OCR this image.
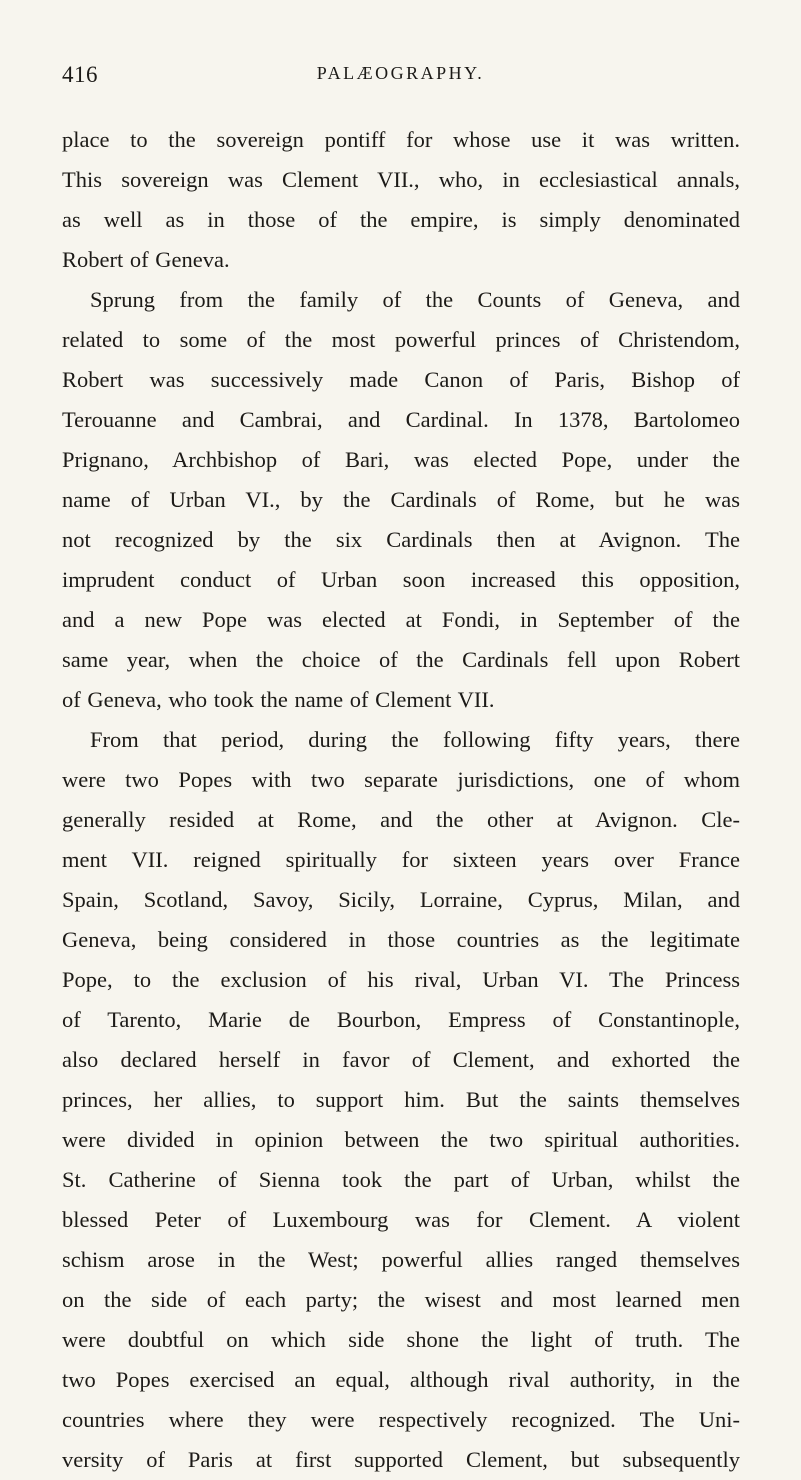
416	PALÆOGRAPHY.
place to the sovereign pontiff for whose use it was written.
This sovereign was Clement VII., who, in ecclesiastical annals,
as well as in those of the empire, is simply denominated
Robert of Geneva.
Sprung from the family of the Counts of Geneva, and
related to some of the most powerful princes of Christendom,
Robert was successively made Canon of Paris, Bishop of
Terouanne and Cambrai, and Cardinal. In 1378, Bartolomeo
Prignano, Archbishop of Bari, was elected Pope, under the
name of Urban VI., by the Cardinals of Rome, but he was
not recognized by the six Cardinals then at Avignon. The
imprudent conduct of Urban soon increased this opposition,
and a new Pope was elected at Fondi, in September of the
same year, when the choice of the Cardinals fell upon Robert
of Geneva, who took the name of Clement VII.
From that period, during the following fifty years, there
were two Popes with two separate jurisdictions, one of whom
generally resided at Rome, and the other at Avignon. Cle-
ment VII. reigned spiritually for sixteen years over France
Spain, Scotland, Savoy, Sicily, Lorraine, Cyprus, Milan, and
Geneva, being considered in those countries as the legitimate
Pope, to the exclusion of his rival, Urban VI. The Princess
of Tarento, Marie de Bourbon, Empress of Constantinople,
also declared herself in favor of Clement, and exhorted the
princes, her allies, to support him. But the saints themselves
were divided in opinion between the two spiritual authorities.
St. Catherine of Sienna took the part of Urban, whilst the
blessed Peter of Luxembourg was for Clement. A violent
schism arose in the West; powerful allies ranged themselves
on the side of each party; the wisest and most learned men
were doubtful on which side shone the light of truth. The
two Popes exercised an equal, although rival authority, in the
countries where they were respectively recognized. The Uni-
versity of Paris at first supported Clement, but subsequently
